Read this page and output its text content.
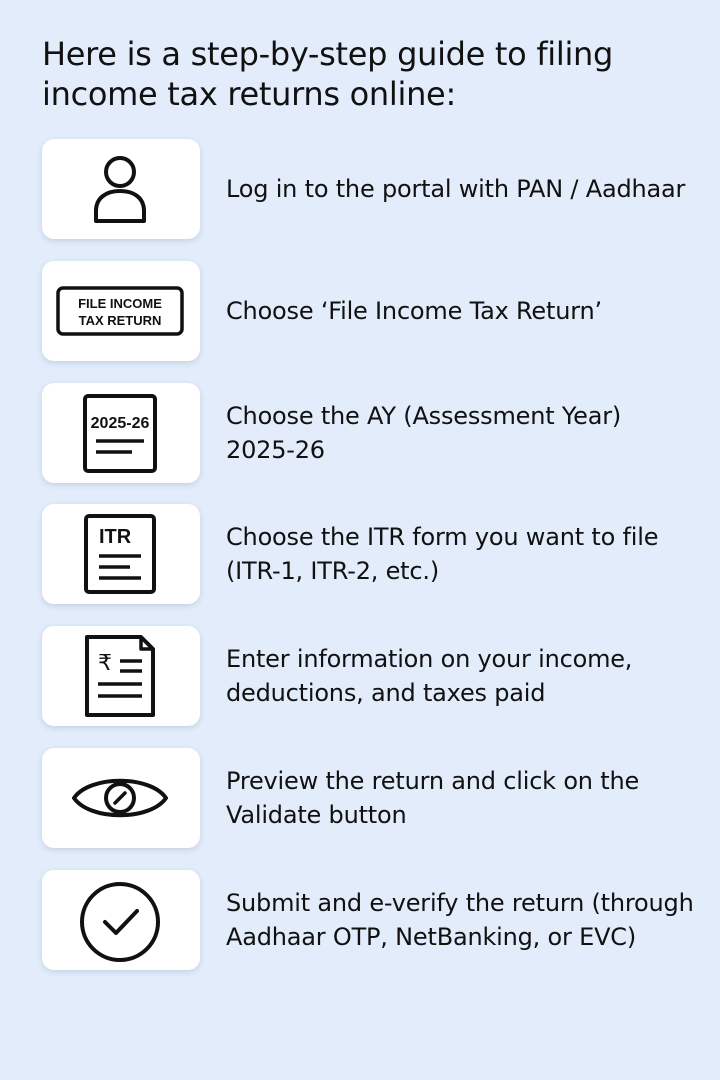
Here is a step-by-step guide to filing income tax returns online:
Log in to the portal with PAN / Aadhaar
FILE INCOME
TAX RETURN	Choose ‘File Income Tax Return’
2025-26	Choose the AY (Assessment Year) 2025-26
ITR	Choose the ITR form you want to file (ITR-1, ITR-2, etc.)
₹	Enter information on your income, deductions, and taxes paid
Preview the return and click on the Validate button
Submit and e-verify the return (through Aadhaar OTP, NetBanking, or EVC)
